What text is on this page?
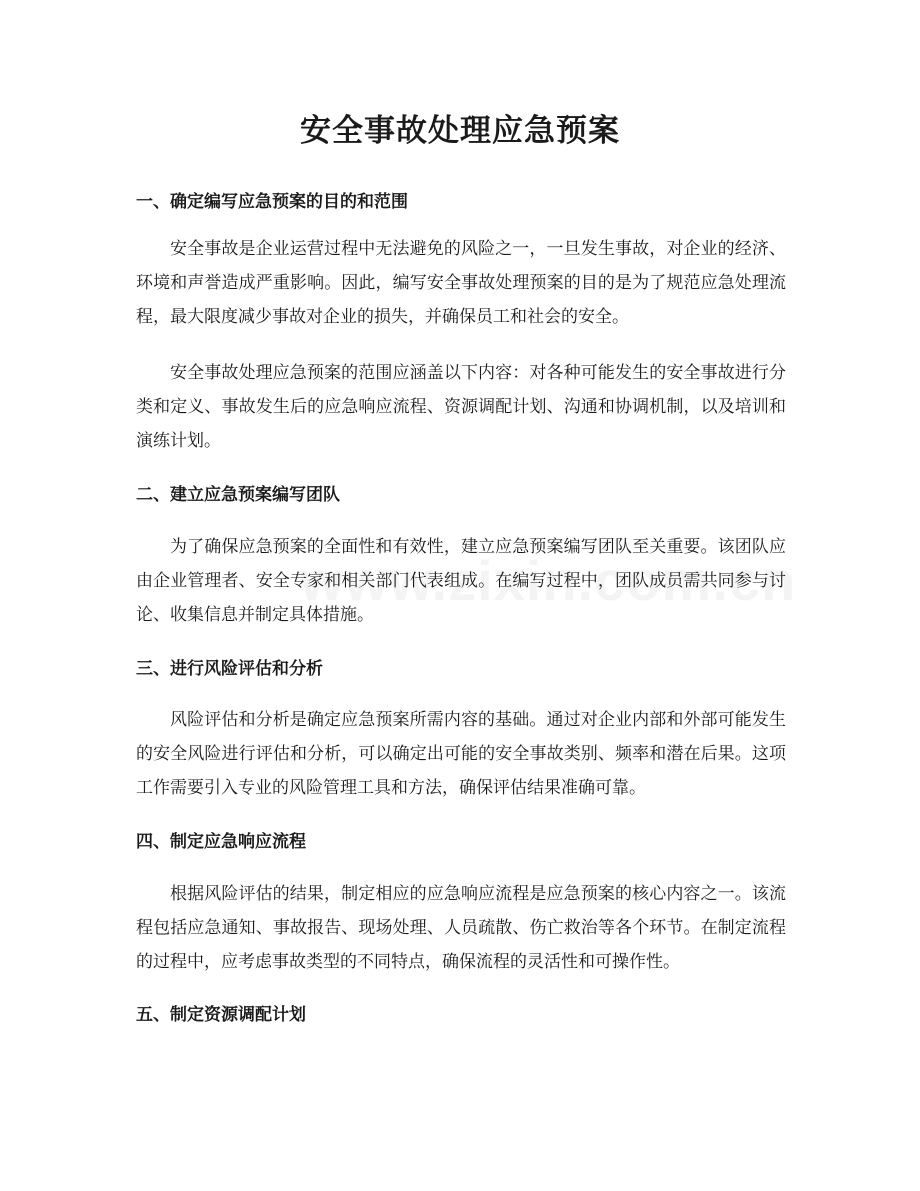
安全事故处理应急预案
一、确定编写应急预案的目的和范围

安全事故是企业运营过程中无法避免的风险之一，一旦发生事故，对企业的经济、环境和声誉造成严重影响。因此，编写安全事故处理预案的目的是为了规范应急处理流程，最大限度减少事故对企业的损失，并确保员工和社会的安全。

安全事故处理应急预案的范围应涵盖以下内容：对各种可能发生的安全事故进行分类和定义、事故发生后的应急响应流程、资源调配计划、沟通和协调机制，以及培训和演练计划。

二、建立应急预案编写团队

为了确保应急预案的全面性和有效性，建立应急预案编写团队至关重要。该团队应由企业管理者、安全专家和相关部门代表组成。在编写过程中，团队成员需共同参与讨论、收集信息并制定具体措施。

三、进行风险评估和分析

风险评估和分析是确定应急预案所需内容的基础。通过对企业内部和外部可能发生的安全风险进行评估和分析，可以确定出可能的安全事故类别、频率和潜在后果。这项工作需要引入专业的风险管理工具和方法，确保评估结果准确可靠。

四、制定应急响应流程

根据风险评估的结果，制定相应的应急响应流程是应急预案的核心内容之一。该流程包括应急通知、事故报告、现场处理、人员疏散、伤亡救治等各个环节。在制定流程的过程中，应考虑事故类型的不同特点，确保流程的灵活性和可操作性。

五、制定资源调配计划
